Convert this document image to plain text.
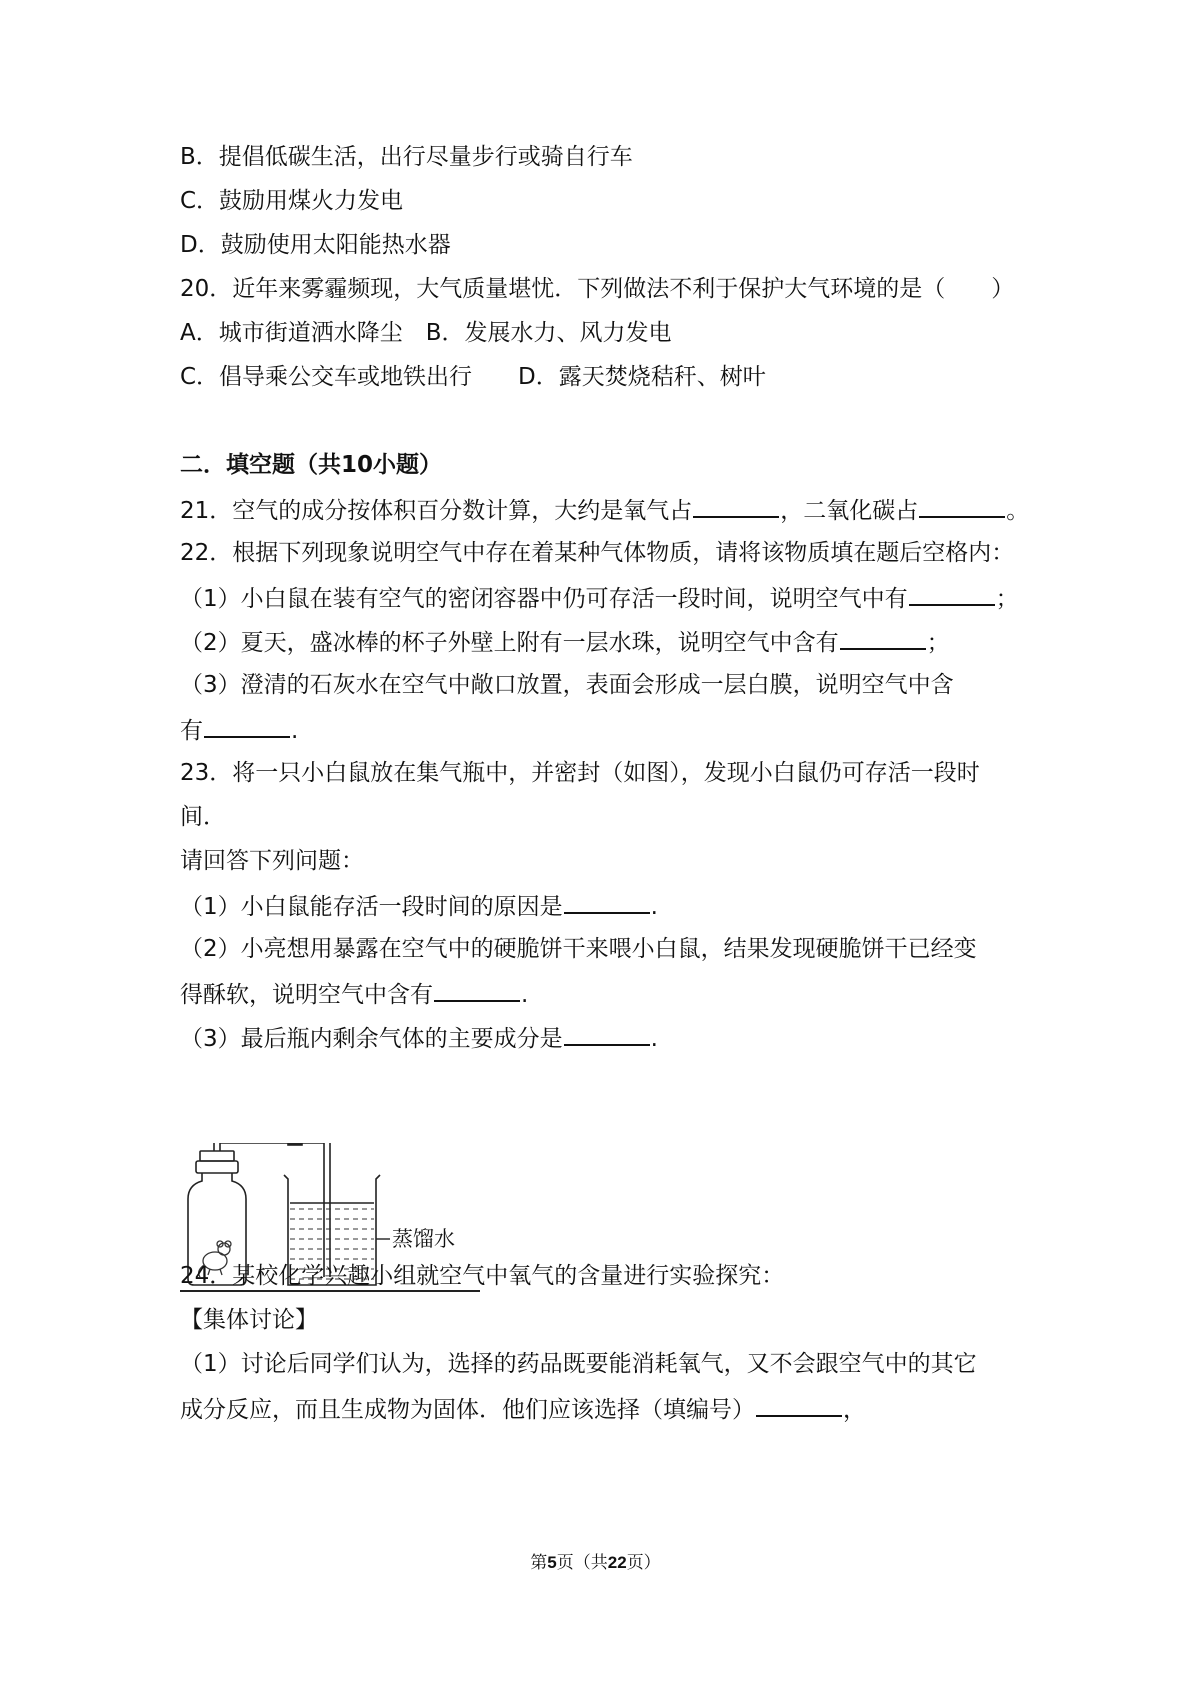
B．提倡低碳生活，出行尽量步行或骑自行车
C．鼓励用煤火力发电
D．鼓励使用太阳能热水器
20．近年来雾霾频现，大气质量堪忧．下列做法不利于保护大气环境的是（　　）
A．城市街道洒水降尘　B．发展水力、风力发电
C．倡导乘公交车或地铁出行　　D．露天焚烧秸秆、树叶
二．填空题（共10小题）
21．空气的成分按体积百分数计算，大约是氧气占	，二氧化碳占	。
22．根据下列现象说明空气中存在着某种气体物质，请将该物质填在题后空格内：
（1）小白鼠在装有空气的密闭容器中仍可存活一段时间，说明空气中有	；
（2）夏天，盛冰棒的杯子外壁上附有一层水珠，说明空气中含有	；
（3）澄清的石灰水在空气中敞口放置，表面会形成一层白膜，说明空气中含
有	.
23．将一只小白鼠放在集气瓶中，并密封（如图），发现小白鼠仍可存活一段时
间．
请回答下列问题：
（1）小白鼠能存活一段时间的原因是	.
（2）小亮想用暴露在空气中的硬脆饼干来喂小白鼠，结果发现硬脆饼干已经变
得酥软，说明空气中含有	.
（3）最后瓶内剩余气体的主要成分是	.
蒸馏水
24．某校化学兴趣小组就空气中氧气的含量进行实验探究：
【集体讨论】
（1）讨论后同学们认为，选择的药品既要能消耗氧气，又不会跟空气中的其它
成分反应，而且生成物为固体．他们应该选择（填编号）	，
第5页（共22页）
